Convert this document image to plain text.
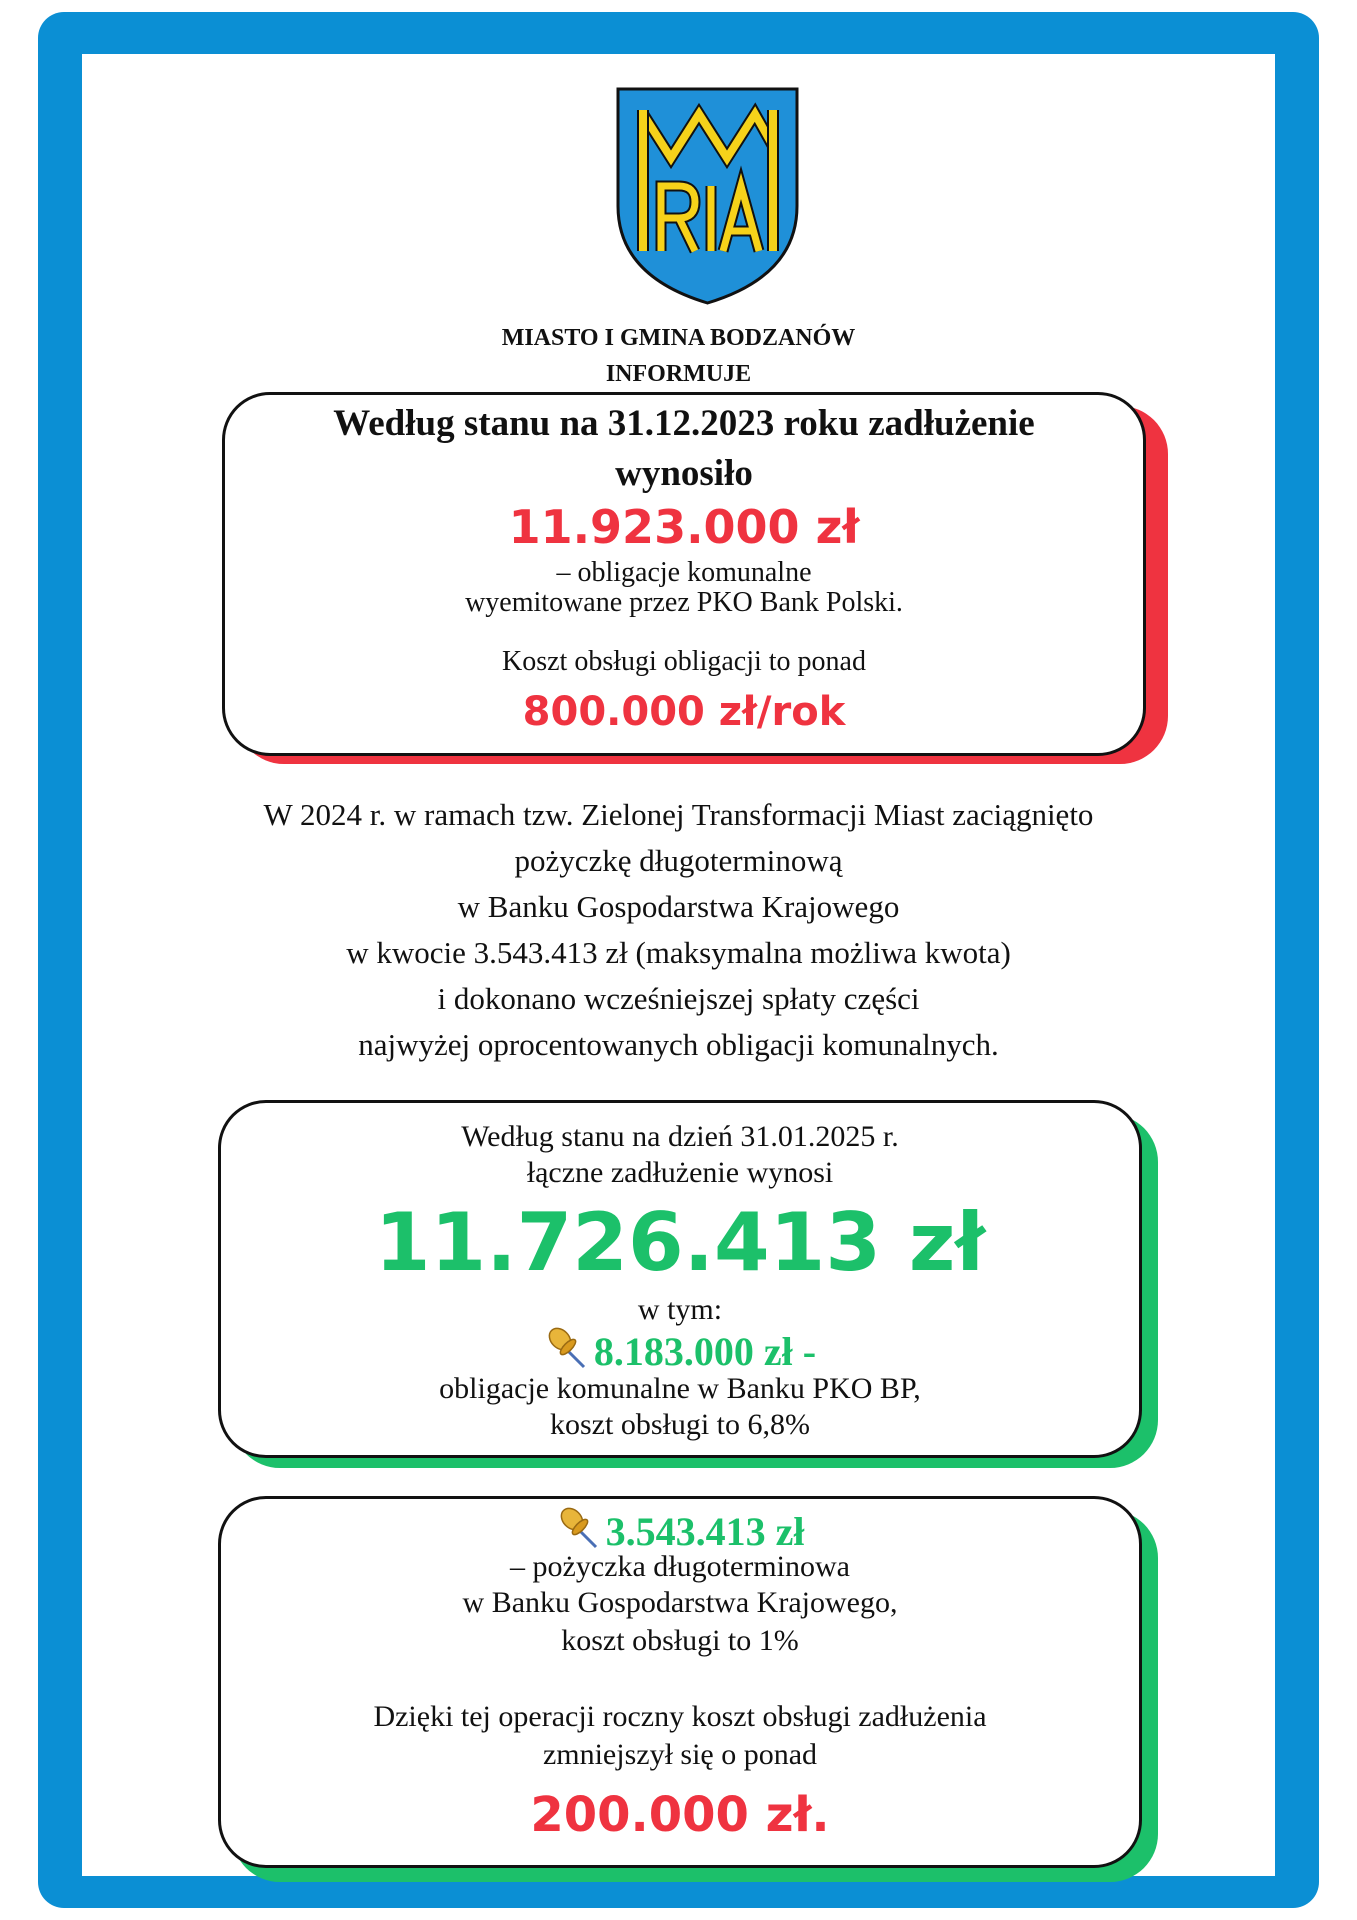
MIASTO I GMINA BODZANÓW
INFORMUJE
Według stanu na 31.12.2023 roku zadłużenie
wynosiło
11.923.000 zł
– obligacje komunalne
wyemitowane przez PKO Bank Polski.
Koszt obsługi obligacji to ponad
800.000 zł/rok
W 2024 r. w ramach tzw. Zielonej Transformacji Miast zaciągnięto
pożyczkę długoterminową
w Banku Gospodarstwa Krajowego
w kwocie 3.543.413 zł (maksymalna możliwa kwota)
i dokonano wcześniejszej spłaty części
najwyżej oprocentowanych obligacji komunalnych.
Według stanu na dzień 31.01.2025 r.
łączne zadłużenie wynosi
11.726.413 zł
w tym:
8.183.000 zł -
obligacje komunalne w Banku PKO BP,
koszt obsługi to 6,8%
3.543.413 zł
– pożyczka długoterminowa
w Banku Gospodarstwa Krajowego,
koszt obsługi to 1%
Dzięki tej operacji roczny koszt obsługi zadłużenia
zmniejszył się o ponad
200.000 zł.
